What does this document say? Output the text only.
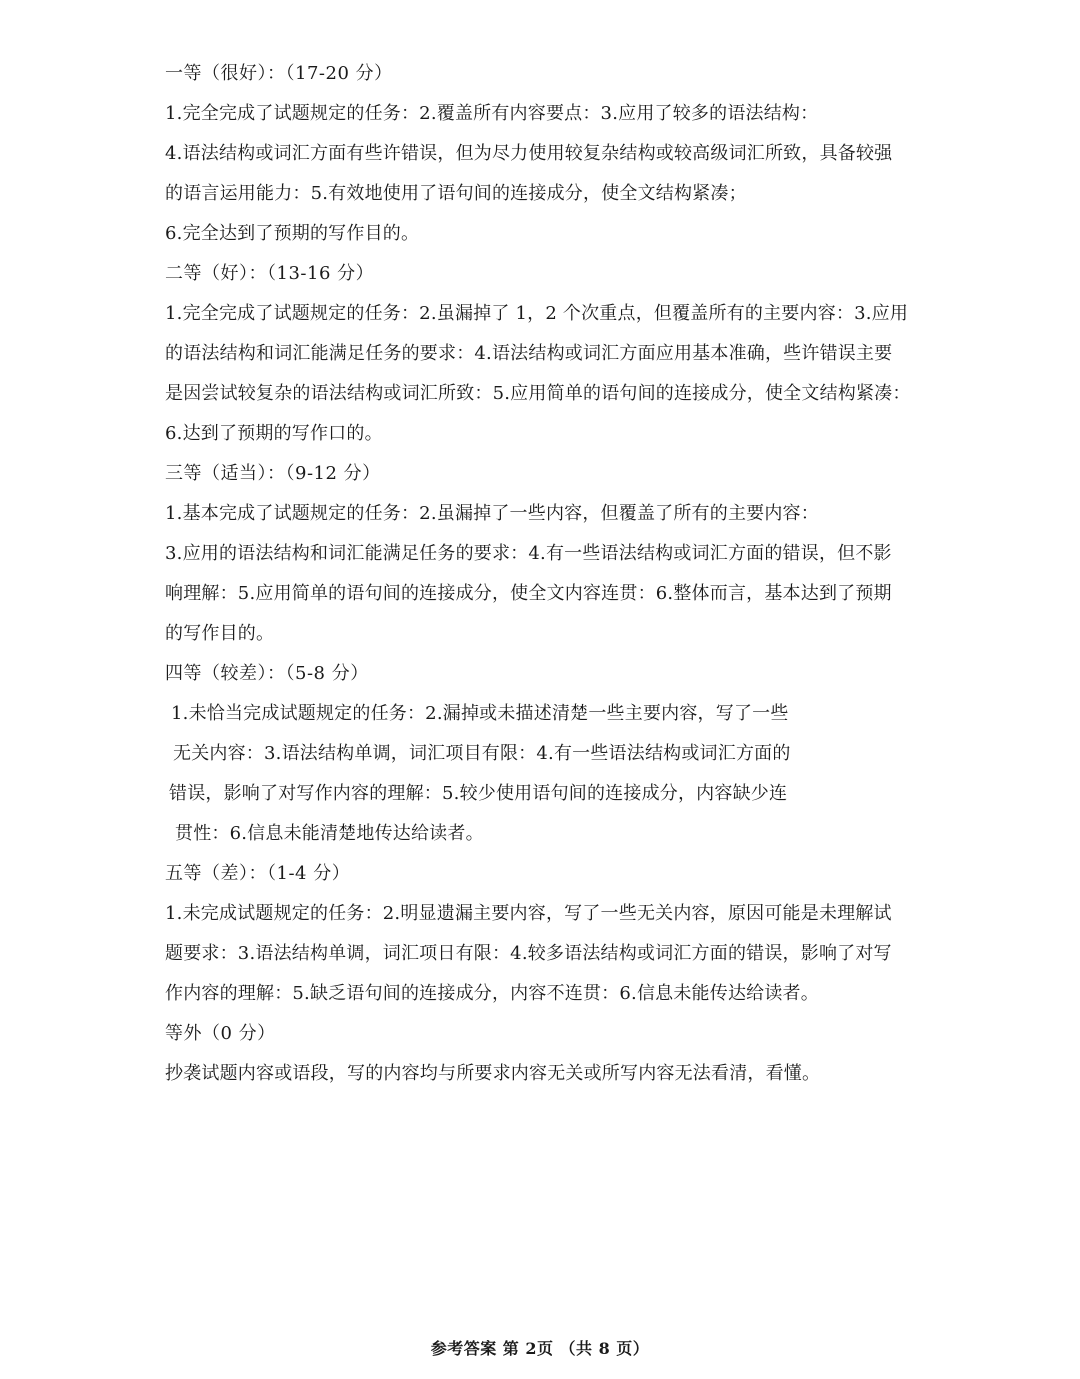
一等（很好）：（17-20 分）
1.完全完成了试题规定的任务：2.覆盖所有内容要点：3.应用了较多的语法结构：
4.语法结构或词汇方面有些许错误，但为尽力使用较复杂结构或较高级词汇所致，具备较强
的语言运用能力：5.有效地使用了语句间的连接成分，使全文结构紧凑；
6.完全达到了预期的写作目的。
二等（好）：（13-16 分）
1.完全完成了试题规定的任务：2.虽漏掉了 1，2 个次重点，但覆盖所有的主要内容：3.应用
的语法结构和词汇能满足任务的要求：4.语法结构或词汇方面应用基本准确，些许错误主要
是因尝试较复杂的语法结构或词汇所致：5.应用简单的语句间的连接成分，使全文结构紧凑：
6.达到了预期的写作口的。
三等（适当）：（9-12 分）
1.基本完成了试题规定的任务：2.虽漏掉了一些内容，但覆盖了所有的主要内容：
3.应用的语法结构和词汇能满足任务的要求：4.有一些语法结构或词汇方面的错误，但不影
响理解：5.应用简单的语句间的连接成分，使全文内容连贯：6.整体而言，基本达到了预期
的写作目的。
四等（较差）：（5-8 分）
1.未恰当完成试题规定的任务：2.漏掉或未描述清楚一些主要内容，写了一些
无关内容：3.语法结构单调，词汇项目有限：4.有一些语法结构或词汇方面的
错误，影响了对写作内容的理解：5.较少使用语句间的连接成分，内容缺少连
贯性：6.信息未能清楚地传达给读者。
五等（差）：（1-4 分）
1.未完成试题规定的任务：2.明显遗漏主要内容，写了一些无关内容，原因可能是未理解试
题要求：3.语法结构单调，词汇项日有限：4.较多语法结构或词汇方面的错误，影响了对写
作内容的理解：5.缺乏语句间的连接成分，内容不连贯：6.信息未能传达给读者。
等外（0 分）
抄袭试题内容或语段，写的内容均与所要求内容无关或所写内容无法看清，看懂。
参考答案 第 2页 （共 8 页）
